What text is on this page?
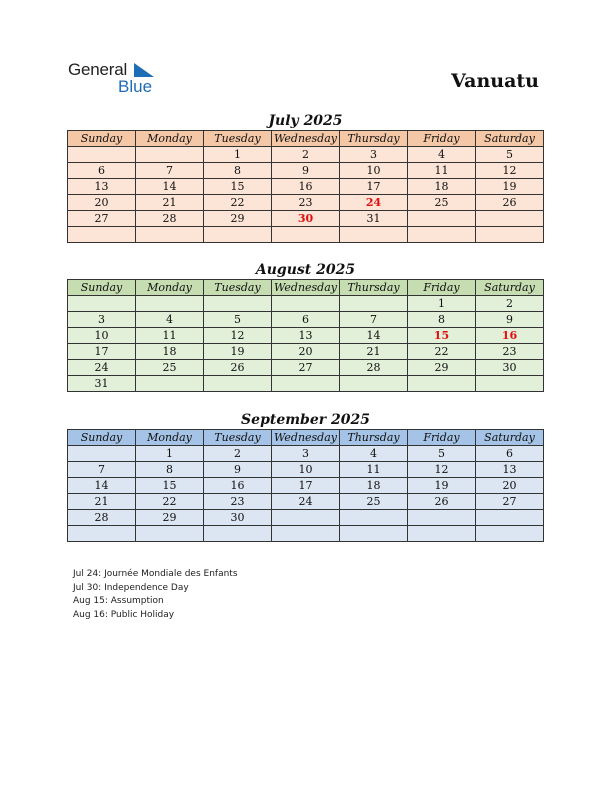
General
Blue	Vanuatu
July 2025
Sunday	Monday	Tuesday	Wednesday	Thursday	Friday	Saturday
		1	2	3	4	5
6	7	8	9	10	11	12
13	14	15	16	17	18	19
20	21	22	23	24	25	26
27	28	29	30	31		

August 2025
Sunday	Monday	Tuesday	Wednesday	Thursday	Friday	Saturday
					1	2
3	4	5	6	7	8	9
10	11	12	13	14	15	16
17	18	19	20	21	22	23
24	25	26	27	28	29	30
31						
September 2025
Sunday	Monday	Tuesday	Wednesday	Thursday	Friday	Saturday
	1	2	3	4	5	6
7	8	9	10	11	12	13
14	15	16	17	18	19	20
21	22	23	24	25	26	27
28	29	30				

Jul 24: Journée Mondiale des Enfants
Jul 30: Independence Day
Aug 15: Assumption
Aug 16: Public Holiday
